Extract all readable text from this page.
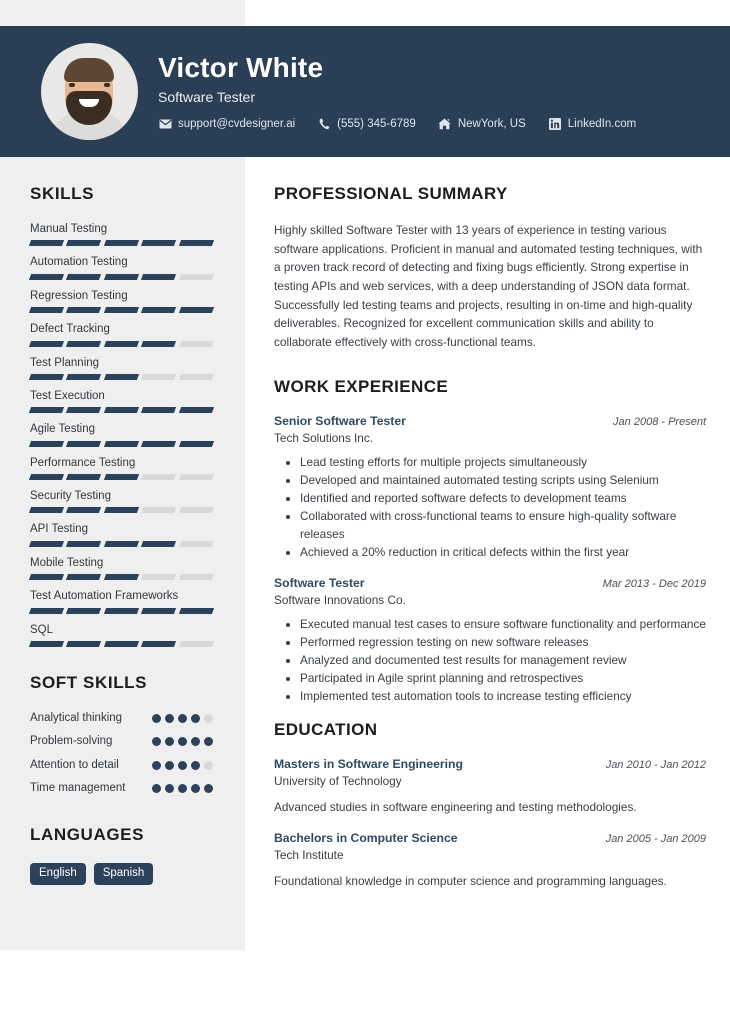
Victor White
Software Tester
support@cvdesigner.ai	(555) 345-6789	NewYork, US	LinkedIn.com
SKILLS
Manual Testing
Automation Testing
Regression Testing
Defect Tracking
Test Planning
Test Execution
Agile Testing
Performance Testing
Security Testing
API Testing
Mobile Testing
Test Automation Frameworks
SQL
SOFT SKILLS
Analytical thinking
Problem-solving
Attention to detail
Time management
LANGUAGES
English	Spanish
PROFESSIONAL SUMMARY
Highly skilled Software Tester with 13 years of experience in testing various software applications. Proficient in manual and automated testing techniques, with a proven track record of detecting and fixing bugs efficiently. Strong expertise in testing APIs and web services, with a deep understanding of JSON data format. Successfully led testing teams and projects, resulting in on-time and high-quality deliverables. Recognized for excellent communication skills and ability to collaborate effectively with cross-functional teams.
WORK EXPERIENCE
Senior Software Tester	Jan 2008 - Present
Tech Solutions Inc.
• Lead testing efforts for multiple projects simultaneously
• Developed and maintained automated testing scripts using Selenium
• Identified and reported software defects to development teams
• Collaborated with cross-functional teams to ensure high-quality software releases
• Achieved a 20% reduction in critical defects within the first year
Software Tester	Mar 2013 - Dec 2019
Software Innovations Co.
• Executed manual test cases to ensure software functionality and performance
• Performed regression testing on new software releases
• Analyzed and documented test results for management review
• Participated in Agile sprint planning and retrospectives
• Implemented test automation tools to increase testing efficiency
EDUCATION
Masters in Software Engineering	Jan 2010 - Jan 2012
University of Technology
Advanced studies in software engineering and testing methodologies.
Bachelors in Computer Science	Jan 2005 - Jan 2009
Tech Institute
Foundational knowledge in computer science and programming languages.
